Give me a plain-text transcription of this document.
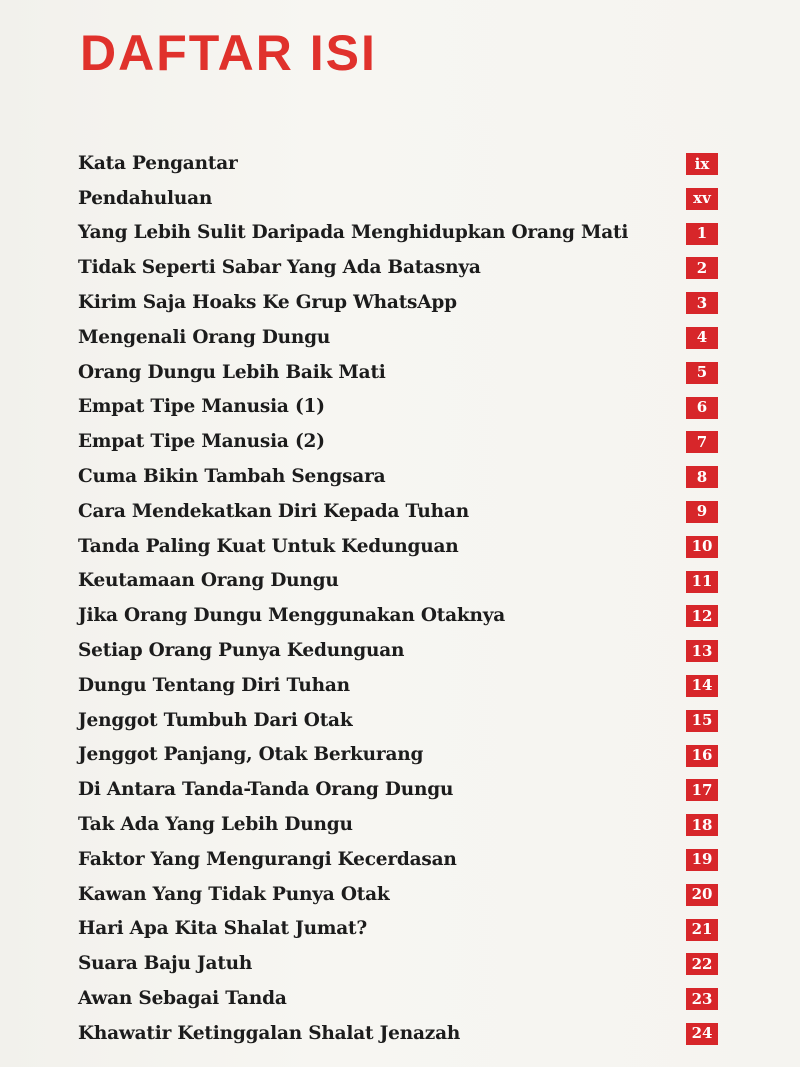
DAFTAR ISI
Kata Pengantar	ix
Pendahuluan	xv
Yang Lebih Sulit Daripada Menghidupkan Orang Mati	1
Tidak Seperti Sabar Yang Ada Batasnya	2
Kirim Saja Hoaks Ke Grup WhatsApp	3
Mengenali Orang Dungu	4
Orang Dungu Lebih Baik Mati	5
Empat Tipe Manusia (1)	6
Empat Tipe Manusia (2)	7
Cuma Bikin Tambah Sengsara	8
Cara Mendekatkan Diri Kepada Tuhan	9
Tanda Paling Kuat Untuk Kedunguan	10
Keutamaan Orang Dungu	11
Jika Orang Dungu Menggunakan Otaknya	12
Setiap Orang Punya Kedunguan	13
Dungu Tentang Diri Tuhan	14
Jenggot Tumbuh Dari Otak	15
Jenggot Panjang, Otak Berkurang	16
Di Antara Tanda-Tanda Orang Dungu	17
Tak Ada Yang Lebih Dungu	18
Faktor Yang Mengurangi Kecerdasan	19
Kawan Yang Tidak Punya Otak	20
Hari Apa Kita Shalat Jumat?	21
Suara Baju Jatuh	22
Awan Sebagai Tanda	23
Khawatir Ketinggalan Shalat Jenazah	24
